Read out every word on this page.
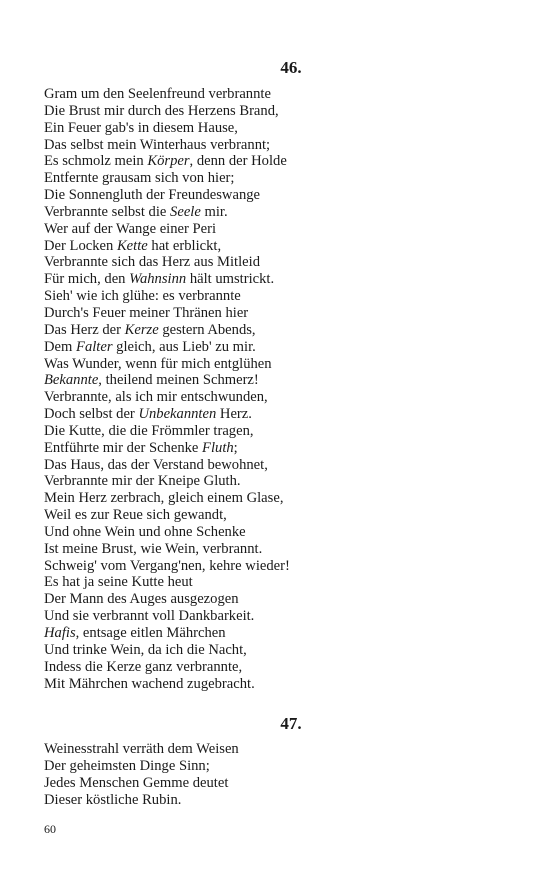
46.
Gram um den Seelenfreund verbrannte
Die Brust mir durch des Herzens Brand,
Ein Feuer gab's in diesem Hause,
Das selbst mein Winterhaus verbrannt;
Es schmolz mein Körper, denn der Holde
Entfernte grausam sich von hier;
Die Sonnengluth der Freundeswange
Verbrannte selbst die Seele mir.
Wer auf der Wange einer Peri
Der Locken Kette hat erblickt,
Verbrannte sich das Herz aus Mitleid
Für mich, den Wahnsinn hält umstrickt.
Sieh' wie ich glühe: es verbrannte
Durch's Feuer meiner Thränen hier
Das Herz der Kerze gestern Abends,
Dem Falter gleich, aus Lieb' zu mir.
Was Wunder, wenn für mich entglühen
Bekannte, theilend meinen Schmerz!
Verbrannte, als ich mir entschwunden,
Doch selbst der Unbekannten Herz.
Die Kutte, die die Frömmler tragen,
Entführte mir der Schenke Fluth;
Das Haus, das der Verstand bewohnet,
Verbrannte mir der Kneipe Gluth.
Mein Herz zerbrach, gleich einem Glase,
Weil es zur Reue sich gewandt,
Und ohne Wein und ohne Schenke
Ist meine Brust, wie Wein, verbrannt.
Schweig' vom Vergang'nen, kehre wieder!
Es hat ja seine Kutte heut
Der Mann des Auges ausgezogen
Und sie verbrannt voll Dankbarkeit.
Hafis, entsage eitlen Mährchen
Und trinke Wein, da ich die Nacht,
Indess die Kerze ganz verbrannte,
Mit Mährchen wachend zugebracht.
47.
Weinesstrahl verräth dem Weisen
Der geheimsten Dinge Sinn;
Jedes Menschen Gemme deutet
Dieser köstliche Rubin.
60
